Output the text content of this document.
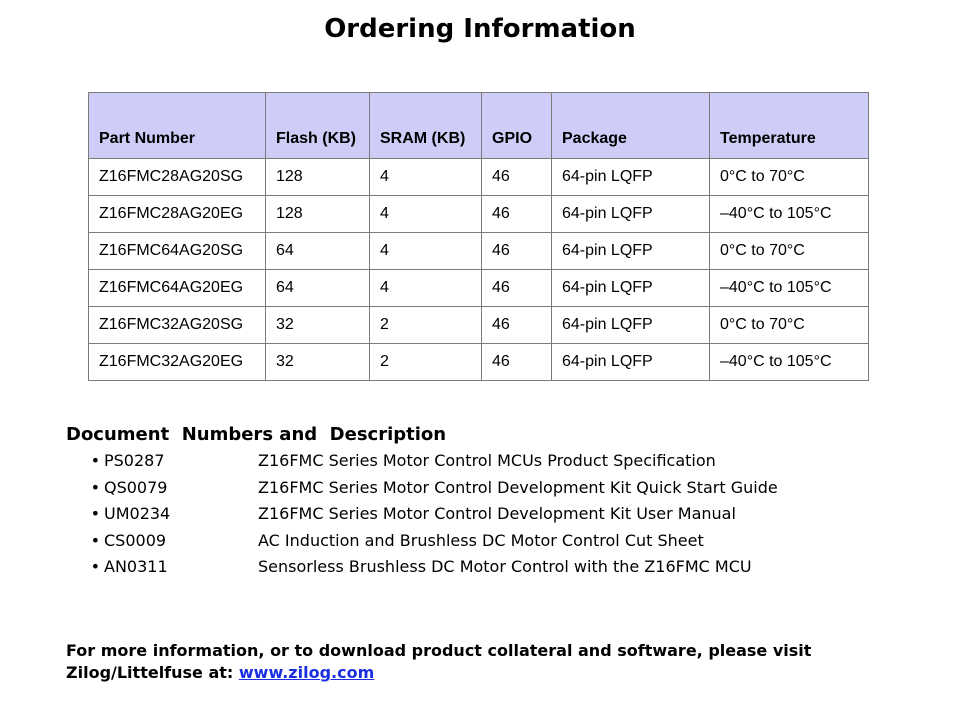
Ordering Information
Part Number	Flash (KB)	SRAM (KB)	GPIO	Package	Temperature
Z16FMC28AG20SG	128	4	46	64-pin LQFP	0°C to 70°C
Z16FMC28AG20EG	128	4	46	64-pin LQFP	–40°C to 105°C
Z16FMC64AG20SG	64	4	46	64-pin LQFP	0°C to 70°C
Z16FMC64AG20EG	64	4	46	64-pin LQFP	–40°C to 105°C
Z16FMC32AG20SG	32	2	46	64-pin LQFP	0°C to 70°C
Z16FMC32AG20EG	32	2	46	64-pin LQFP	–40°C to 105°C
Document  Numbers and  Description
• PS0287	Z16FMC Series Motor Control MCUs Product Specification
• QS0079	Z16FMC Series Motor Control Development Kit Quick Start Guide
• UM0234	Z16FMC Series Motor Control Development Kit User Manual
• CS0009	AC Induction and Brushless DC Motor Control Cut Sheet
• AN0311	Sensorless Brushless DC Motor Control with the Z16FMC MCU
For more information, or to download product collateral and software, please visit Zilog/Littelfuse at: www.zilog.com
